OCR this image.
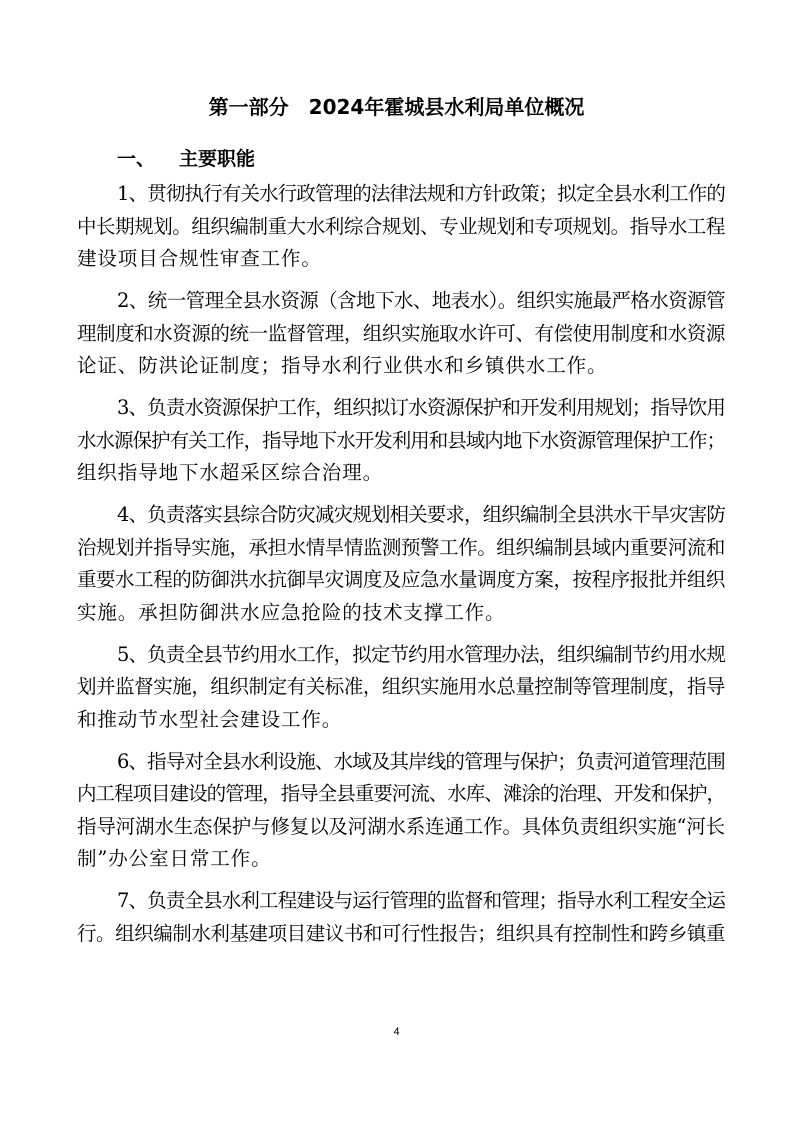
第一部分　2024年霍城县水利局单位概况
一、 主要职能

1、贯彻执行有关水行政管理的法律法规和方针政策；拟定全县水利工作的
中长期规划。组织编制重大水利综合规划、专业规划和专项规划。指导水工程
建设项目合规性审查工作。

2、统一管理全县水资源（含地下水、地表水）。组织实施最严格水资源管
理制度和水资源的统一监督管理，组织实施取水许可、有偿使用制度和水资源
论证、防洪论证制度；指导水利行业供水和乡镇供水工作。

3、负责水资源保护工作，组织拟订水资源保护和开发利用规划；指导饮用
水水源保护有关工作，指导地下水开发利用和县域内地下水资源管理保护工作；
组织指导地下水超采区综合治理。

4、负责落实县综合防灾减灾规划相关要求，组织编制全县洪水干旱灾害防
治规划并指导实施，承担水情旱情监测预警工作。组织编制县域内重要河流和
重要水工程的防御洪水抗御旱灾调度及应急水量调度方案，按程序报批并组织
实施。承担防御洪水应急抢险的技术支撑工作。

5、负责全县节约用水工作，拟定节约用水管理办法，组织编制节约用水规
划并监督实施，组织制定有关标准，组织实施用水总量控制等管理制度，指导
和推动节水型社会建设工作。

6、指导对全县水利设施、水域及其岸线的管理与保护；负责河道管理范围
内工程项目建设的管理，指导全县重要河流、水库、滩涂的治理、开发和保护，
指导河湖水生态保护与修复以及河湖水系连通工作。具体负责组织实施“河长
制”办公室日常工作。

7、负责全县水利工程建设与运行管理的监督和管理；指导水利工程安全运
行。组织编制水利基建项目建议书和可行性报告；组织具有控制性和跨乡镇重

4
